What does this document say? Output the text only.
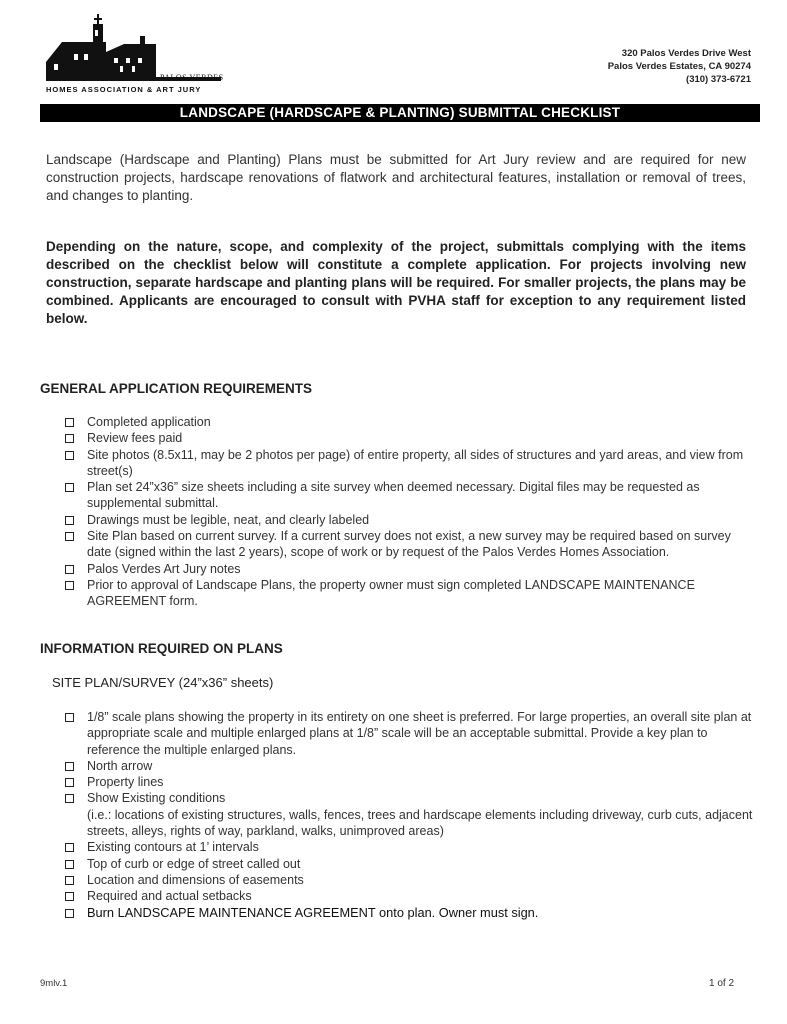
PALOS VERDES
HOMES ASSOCIATION & ART JURY
320 Palos Verdes Drive West
Palos Verdes Estates, CA 90274
(310) 373-6721
LANDSCAPE (HARDSCAPE & PLANTING) SUBMITTAL CHECKLIST
Landscape (Hardscape and Planting) Plans must be submitted for Art Jury review and are required for new construction projects, hardscape renovations of flatwork and architectural features, installation or removal of trees, and changes to planting.
Depending on the nature, scope, and complexity of the project, submittals complying with the items described on the checklist below will constitute a complete application. For projects involving new construction, separate hardscape and planting plans will be required. For smaller projects, the plans may be combined. Applicants are encouraged to consult with PVHA staff for exception to any requirement listed below.
GENERAL APPLICATION REQUIREMENTS
Completed application
Review fees paid
Site photos (8.5x11, may be 2 photos per page) of entire property, all sides of structures and yard areas, and view from street(s)
Plan set 24”x36” size sheets including a site survey when deemed necessary. Digital files may be requested as supplemental submittal.
Drawings must be legible, neat, and clearly labeled
Site Plan based on current survey. If a current survey does not exist, a new survey may be required based on survey date (signed within the last 2 years), scope of work or by request of the Palos Verdes Homes Association.
Palos Verdes Art Jury notes
Prior to approval of Landscape Plans, the property owner must sign completed LANDSCAPE MAINTENANCE AGREEMENT form.
INFORMATION REQUIRED ON PLANS
SITE PLAN/SURVEY (24”x36” sheets)
1/8” scale plans showing the property in its entirety on one sheet is preferred. For large properties, an overall site plan at appropriate scale and multiple enlarged plans at 1/8” scale will be an acceptable submittal. Provide a key plan to reference the multiple enlarged plans.
North arrow
Property lines
Show Existing conditions
(i.e.: locations of existing structures, walls, fences, trees and hardscape elements including driveway, curb cuts, adjacent streets, alleys, rights of way, parkland, walks, unimproved areas)
Existing contours at 1’ intervals
Top of curb or edge of street called out
Location and dimensions of easements
Required and actual setbacks
Burn LANDSCAPE MAINTENANCE AGREEMENT onto plan. Owner must sign.
9mlv.1	1 of 2
